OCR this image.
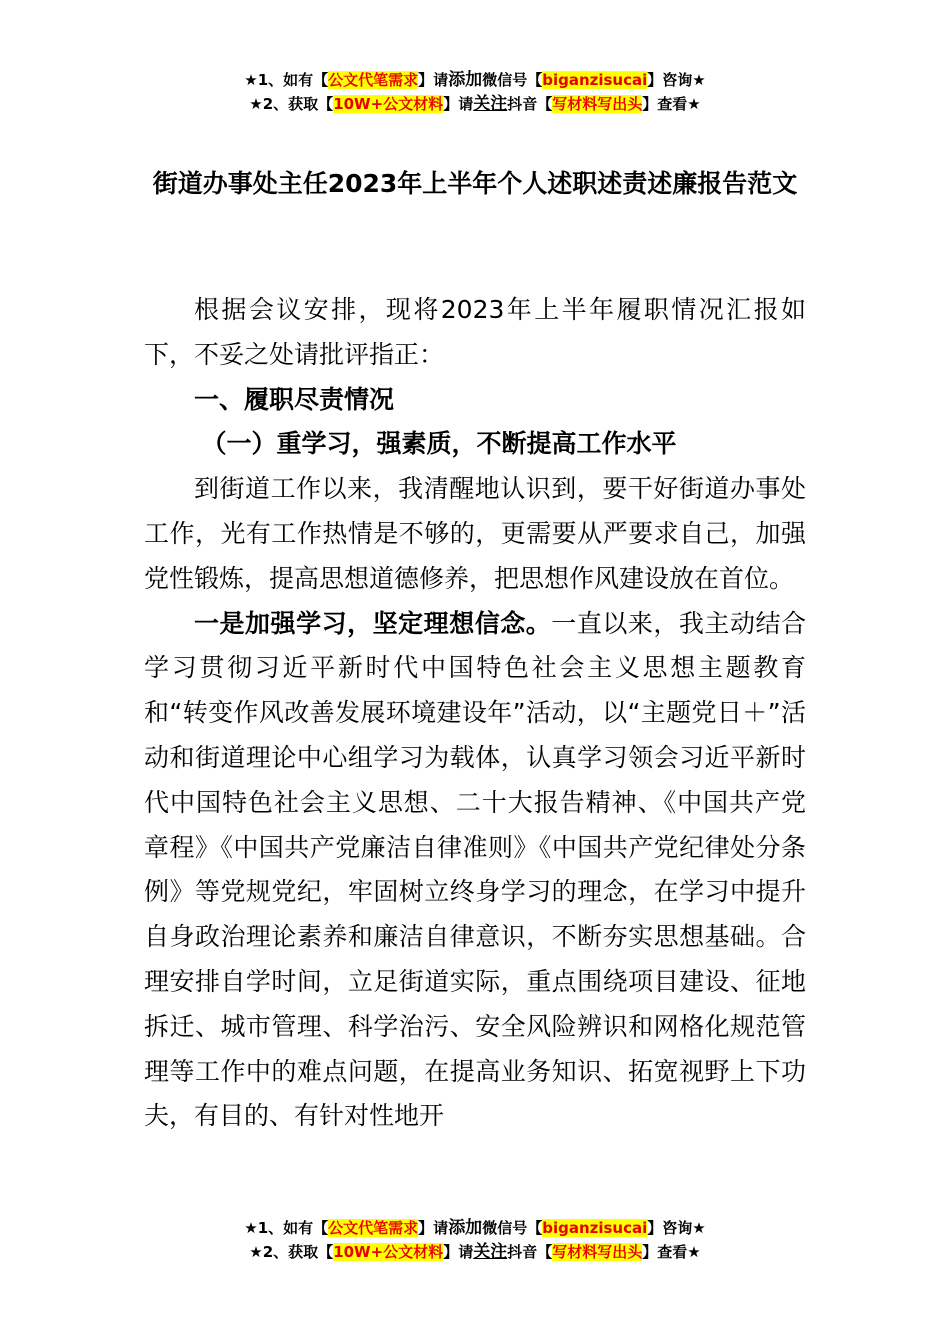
★1、如有【公文代笔需求】请添加微信号【biganzisucai】咨询★
★2、获取【10W+公文材料】请关注抖音【写材料写出头】查看★
街道办事处主任2023年上半年个人述职述责述廉报告范文

根据会议安排，现将2023年上半年履职情况汇报如下，不妥之处请批评指正：

一、履职尽责情况

（一）重学习，强素质，不断提高工作水平

到街道工作以来，我清醒地认识到，要干好街道办事处工作，光有工作热情是不够的，更需要从严要求自己，加强党性锻炼，提高思想道德修养，把思想作风建设放在首位。

一是加强学习，坚定理想信念。一直以来，我主动结合学习贯彻习近平新时代中国特色社会主义思想主题教育和“转变作风改善发展环境建设年”活动，以“主题党日＋”活动和街道理论中心组学习为载体，认真学习领会习近平新时代中国特色社会主义思想、二十大报告精神、《中国共产党章程》《中国共产党廉洁自律准则》《中国共产党纪律处分条例》等党规党纪，牢固树立终身学习的理念，在学习中提升自身政治理论素养和廉洁自律意识，不断夯实思想基础。合理安排自学时间，立足街道实际，重点围绕项目建设、征地拆迁、城市管理、科学治污、安全风险辨识和网格化规范管理等工作中的难点问题，在提高业务知识、拓宽视野上下功夫，有目的、有针对性地开

★1、如有【公文代笔需求】请添加微信号【biganzisucai】咨询★
★2、获取【10W+公文材料】请关注抖音【写材料写出头】查看★
